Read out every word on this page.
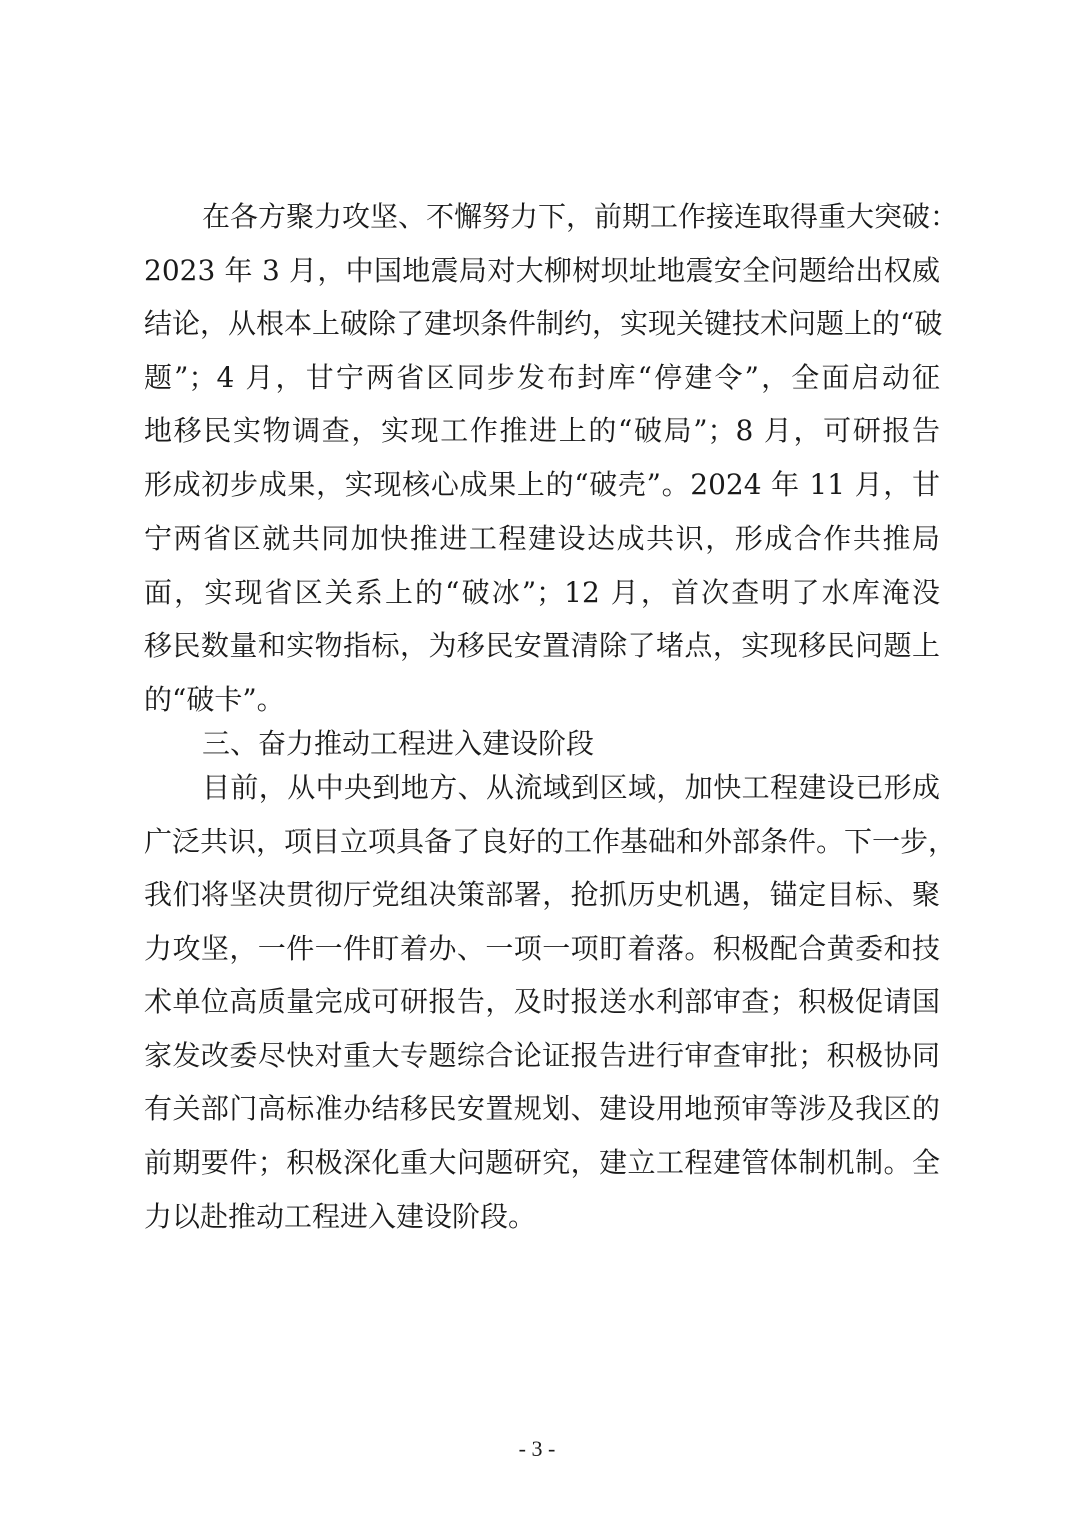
在各方聚力攻坚、不懈努力下，前期工作接连取得重大突破：
2023 年 3 月，中国地震局对大柳树坝址地震安全问题给出权威
结论，从根本上破除了建坝条件制约，实现关键技术问题上的“破
题”；4 月，甘宁两省区同步发布封库“停建令”，全面启动征
地移民实物调查，实现工作推进上的“破局”；8 月，可研报告
形成初步成果，实现核心成果上的“破壳”。2024 年 11 月，甘
宁两省区就共同加快推进工程建设达成共识，形成合作共推局
面，实现省区关系上的“破冰”；12 月，首次查明了水库淹没
移民数量和实物指标，为移民安置清除了堵点，实现移民问题上
的“破卡”。
三、奋力推动工程进入建设阶段
目前，从中央到地方、从流域到区域，加快工程建设已形成
广泛共识，项目立项具备了良好的工作基础和外部条件。下一步，
我们将坚决贯彻厅党组决策部署，抢抓历史机遇，锚定目标、聚
力攻坚，一件一件盯着办、一项一项盯着落。积极配合黄委和技
术单位高质量完成可研报告，及时报送水利部审查；积极促请国
家发改委尽快对重大专题综合论证报告进行审查审批；积极协同
有关部门高标准办结移民安置规划、建设用地预审等涉及我区的
前期要件；积极深化重大问题研究，建立工程建管体制机制。全
力以赴推动工程进入建设阶段。
- 3 -
